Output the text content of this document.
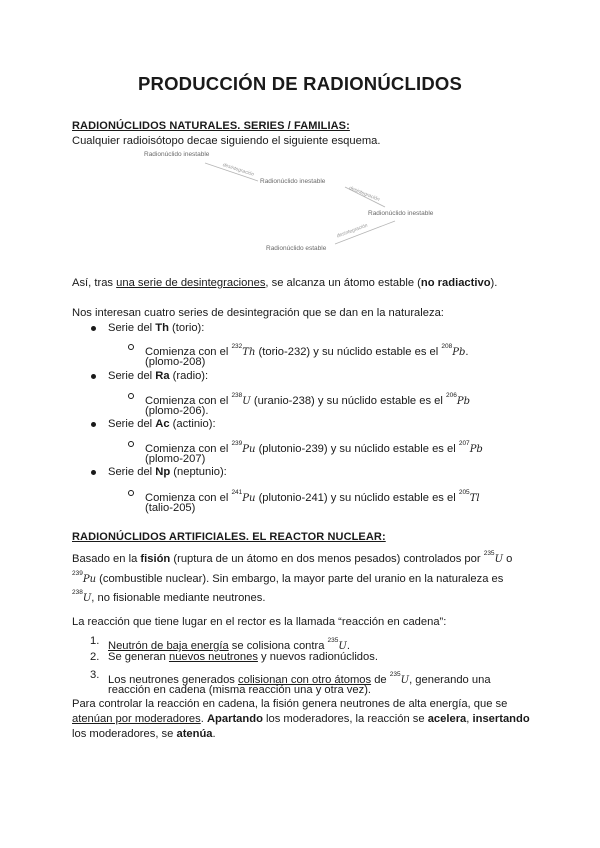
PRODUCCIÓN DE RADIONÚCLIDOS
RADIONÚCLIDOS NATURALES. SERIES / FAMILIAS:
Cualquier radioisótopo decae siguiendo el siguiente esquema.
Radionúclido inestable
desintegración
Radionúclido inestable
desintegración
Radionúclido inestable
desintegración
Radionúclido estable
Así, tras una serie de desintegraciones, se alcanza un átomo estable (no radiactivo).
Nos interesan cuatro series de desintegración que se dan en la naturaleza:
Serie del Th (torio):
Comienza con el $^{232}$Th (torio-232) y su núclido estable es el $^{208}$Pb.
(plomo-208)
Serie del Ra (radio):
Comienza con el $^{238}$U (uranio-238) y su núclido estable es el $^{206}$Pb
(plomo-206).
Serie del Ac (actinio):
Comienza con el $^{239}$Pu (plutonio-239) y su núclido estable es el $^{207}$Pb
(plomo-207)
Serie del Np (neptunio):
Comienza con el $^{241}$Pu (plutonio-241) y su núclido estable es el $^{205}$Tl
(talio-205)
RADIONÚCLIDOS ARTIFICIALES. EL REACTOR NUCLEAR:
Basado en la fisión (ruptura de un átomo en dos menos pesados) controlados por $^{235}$U o
$^{239}$Pu (combustible nuclear). Sin embargo, la mayor parte del uranio en la naturaleza es
$^{238}$U, no fisionable mediante neutrones.
La reacción que tiene lugar en el rector es la llamada “reacción en cadena”:
1. Neutrón de baja energía se colisiona contra $^{235}$U.
2. Se generan nuevos neutrones y nuevos radionúclidos.
3. Los neutrones generados colisionan con otro átomos de $^{235}$U, generando una
reacción en cadena (misma reacción una y otra vez).
Para controlar la reacción en cadena, la fisión genera neutrones de alta energía, que se
atenúan por moderadores. Apartando los moderadores, la reacción se acelera, insertando
los moderadores, se atenúa.
